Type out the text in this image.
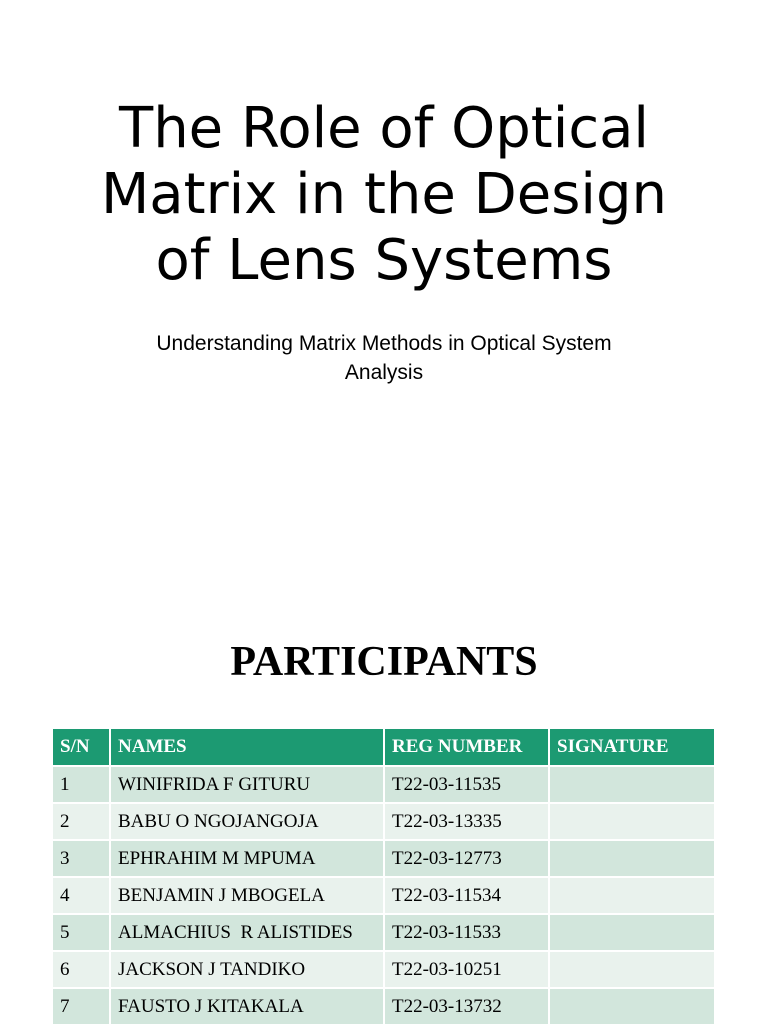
The Role of Optical
Matrix in the Design
of Lens Systems

Understanding Matrix Methods in Optical System
Analysis

PARTICIPANTS
S/N	NAMES	REG NUMBER	SIGNATURE
1	WINIFRIDA F GITURU	T22-03-11535	
2	BABU O NGOJANGOJA	T22-03-13335	
3	EPHRAHIM M MPUMA	T22-03-12773	
4	BENJAMIN J MBOGELA	T22-03-11534	
5	ALMACHIUS  R ALISTIDES	T22-03-11533	
6	JACKSON J TANDIKO	T22-03-10251	
7	FAUSTO J KITAKALA	T22-03-13732	
